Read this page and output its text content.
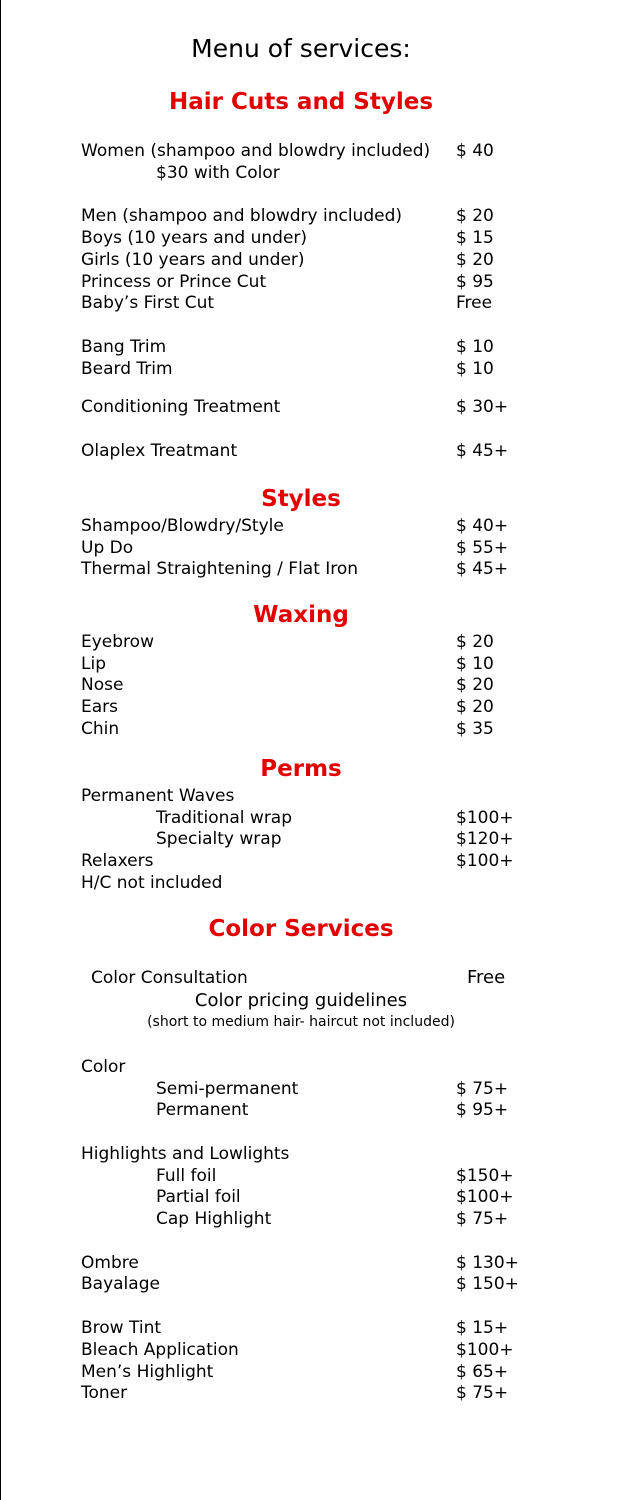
Menu of services:
Hair Cuts and Styles
Women (shampoo and blowdry included) $ 40
$30 with Color
Men (shampoo and blowdry included)	$ 20
Boys (10 years and under)	$ 15
Girls (10 years and under)	$ 20
Princess or Prince Cut	$ 95
Baby’s First Cut	Free
Bang Trim	$ 10
Beard Trim	$ 10
Conditioning Treatment	$ 30+
Olaplex Treatmant	$ 45+
Styles
Shampoo/Blowdry/Style	$ 40+
Up Do	$ 55+
Thermal Straightening / Flat Iron	$ 45+
Waxing
Eyebrow	$ 20
Lip	$ 10
Nose	$ 20
Ears	$ 20
Chin	$ 35
Perms
Permanent Waves
Traditional wrap	$100+
Specialty wrap	$120+
Relaxers	$100+
H/C not included
Color Services
Color Consultation	Free
Color pricing guidelines
(short to medium hair- haircut not included)
Color
Semi-permanent	$ 75+
Permanent	$ 95+
Highlights and Lowlights
Full foil	$150+
Partial foil	$100+
Cap Highlight	$ 75+
Ombre	$ 130+
Bayalage	$ 150+
Brow Tint	$ 15+
Bleach Application	$100+
Men’s Highlight	$ 65+
Toner	$ 75+
